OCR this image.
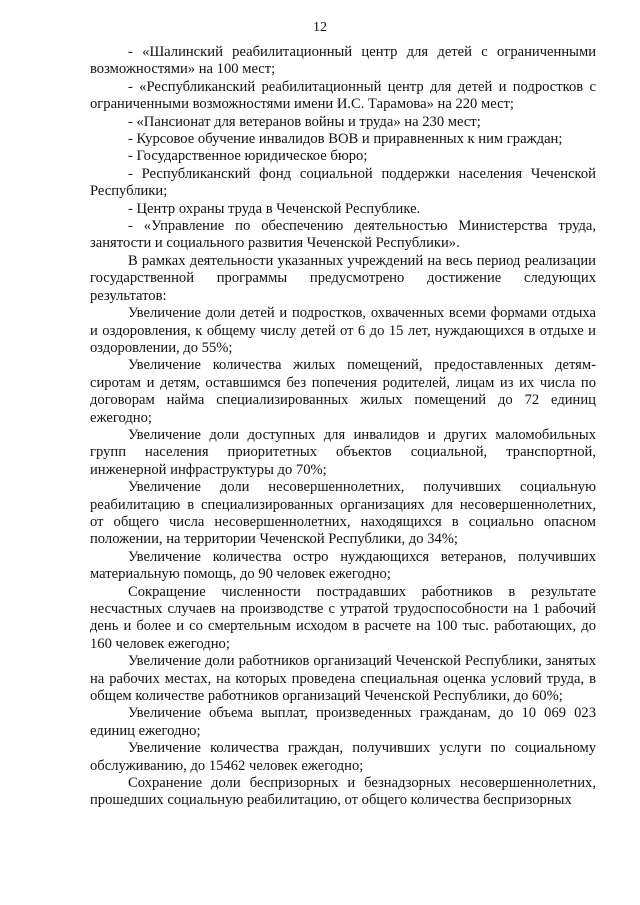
12

- «Шалинский реабилитационный центр для детей с ограниченными возможностями» на 100 мест;

- «Республиканский реабилитационный центр для детей и подростков с ограниченными возможностями имени И.С. Тарамова» на 220 мест;

- «Пансионат для ветеранов войны и труда» на 230 мест;

- Курсовое обучение инвалидов ВОВ и приравненных к ним граждан;

- Государственное юридическое бюро;

- Республиканский фонд социальной поддержки населения Чеченской Республики;

- Центр охраны труда в Чеченской Республике.

- «Управление по обеспечению деятельностью Министерства труда, занятости и социального развития Чеченской Республики».

В рамках деятельности указанных учреждений на весь период реализации государственной программы предусмотрено достижение следующих результатов:

Увеличение доли детей и подростков, охваченных всеми формами отдыха и оздоровления, к общему числу детей от 6 до 15 лет, нуждающихся в отдыхе и оздоровлении, до 55%;

Увеличение количества жилых помещений, предоставленных детям-сиротам и детям, оставшимся без попечения родителей, лицам из их числа по договорам найма специализированных жилых помещений до 72 единиц ежегодно;

Увеличение доли доступных для инвалидов и других маломобильных групп населения приоритетных объектов социальной, транспортной, инженерной инфраструктуры до 70%;

Увеличение доли несовершеннолетних, получивших социальную реабилитацию в специализированных организациях для несовершеннолетних, от общего числа несовершеннолетних, находящихся в социально опасном положении, на территории Чеченской Республики, до 34%;

Увеличение количества остро нуждающихся ветеранов, получивших материальную помощь, до 90 человек ежегодно;

Сокращение численности пострадавших работников в результате несчастных случаев на производстве с утратой трудоспособности на 1 рабочий день и более и со смертельным исходом в расчете на 100 тыс. работающих, до 160 человек ежегодно;

Увеличение доли работников организаций Чеченской Республики, занятых на рабочих местах, на которых проведена специальная оценка условий труда, в общем количестве работников организаций Чеченской Республики, до 60%;

Увеличение объема выплат, произведенных гражданам, до 10 069 023 единиц ежегодно;

Увеличение количества граждан, получивших услуги по социальному обслуживанию, до 15462 человек ежегодно;

Сохранение доли беспризорных и безнадзорных несовершеннолетних, прошедших социальную реабилитацию, от общего количества беспризорных
